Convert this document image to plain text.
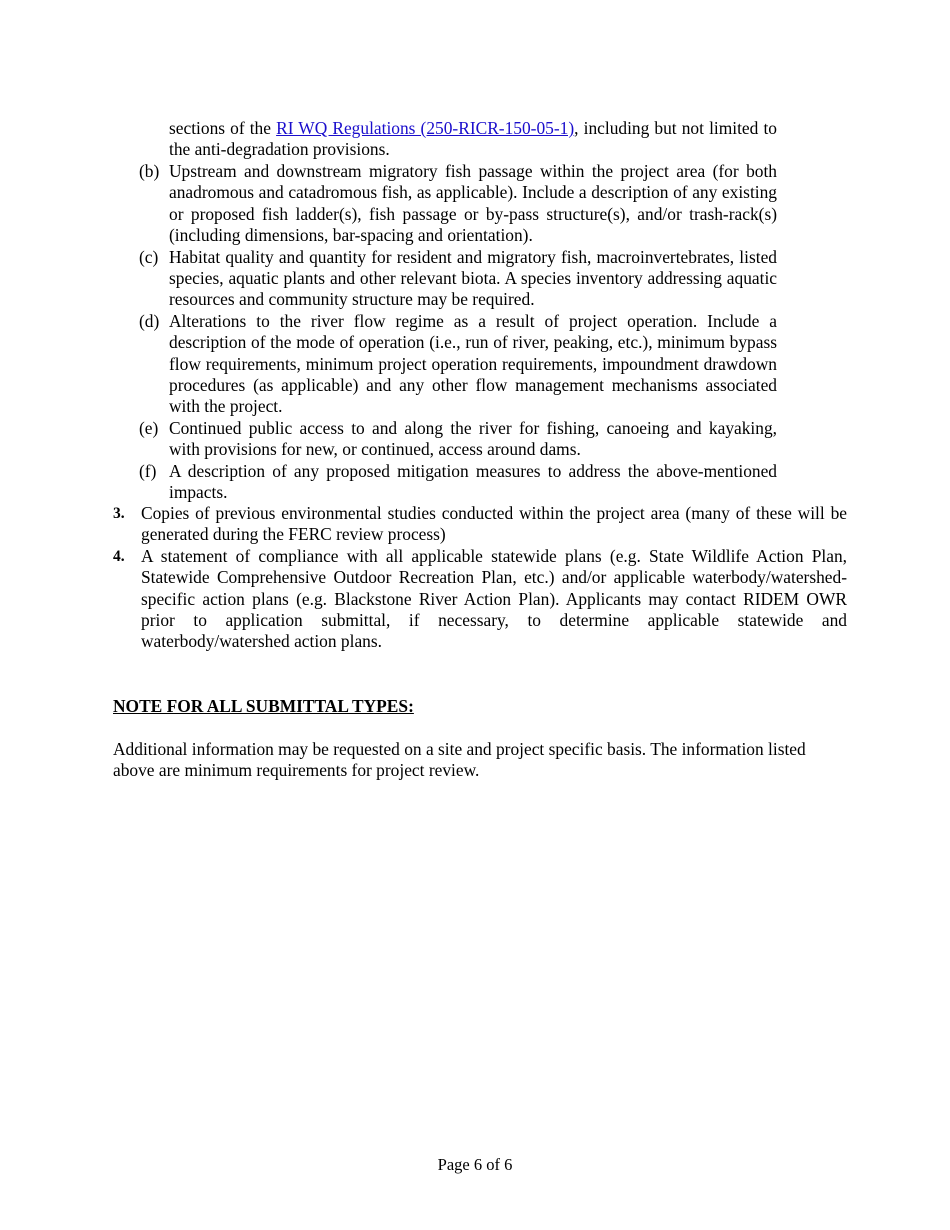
sections of the RI WQ Regulations (250-RICR-150-05-1), including but not limited to the anti-degradation provisions.
(b) Upstream and downstream migratory fish passage within the project area (for both anadromous and catadromous fish, as applicable). Include a description of any existing or proposed fish ladder(s), fish passage or by-pass structure(s), and/or trash-rack(s) (including dimensions, bar-spacing and orientation).
(c) Habitat quality and quantity for resident and migratory fish, macroinvertebrates, listed species, aquatic plants and other relevant biota. A species inventory addressing aquatic resources and community structure may be required.
(d) Alterations to the river flow regime as a result of project operation. Include a description of the mode of operation (i.e., run of river, peaking, etc.), minimum bypass flow requirements, minimum project operation requirements, impoundment drawdown procedures (as applicable) and any other flow management mechanisms associated with the project.
(e) Continued public access to and along the river for fishing, canoeing and kayaking, with provisions for new, or continued, access around dams.
(f) A description of any proposed mitigation measures to address the above-mentioned impacts.
3. Copies of previous environmental studies conducted within the project area (many of these will be generated during the FERC review process)
4. A statement of compliance with all applicable statewide plans (e.g. State Wildlife Action Plan, Statewide Comprehensive Outdoor Recreation Plan, etc.) and/or applicable waterbody/watershed-specific action plans (e.g. Blackstone River Action Plan). Applicants may contact RIDEM OWR prior to application submittal, if necessary, to determine applicable statewide and waterbody/watershed action plans.

NOTE FOR ALL SUBMITTAL TYPES:

Additional information may be requested on a site and project specific basis. The information listed above are minimum requirements for project review.

Page 6 of 6
